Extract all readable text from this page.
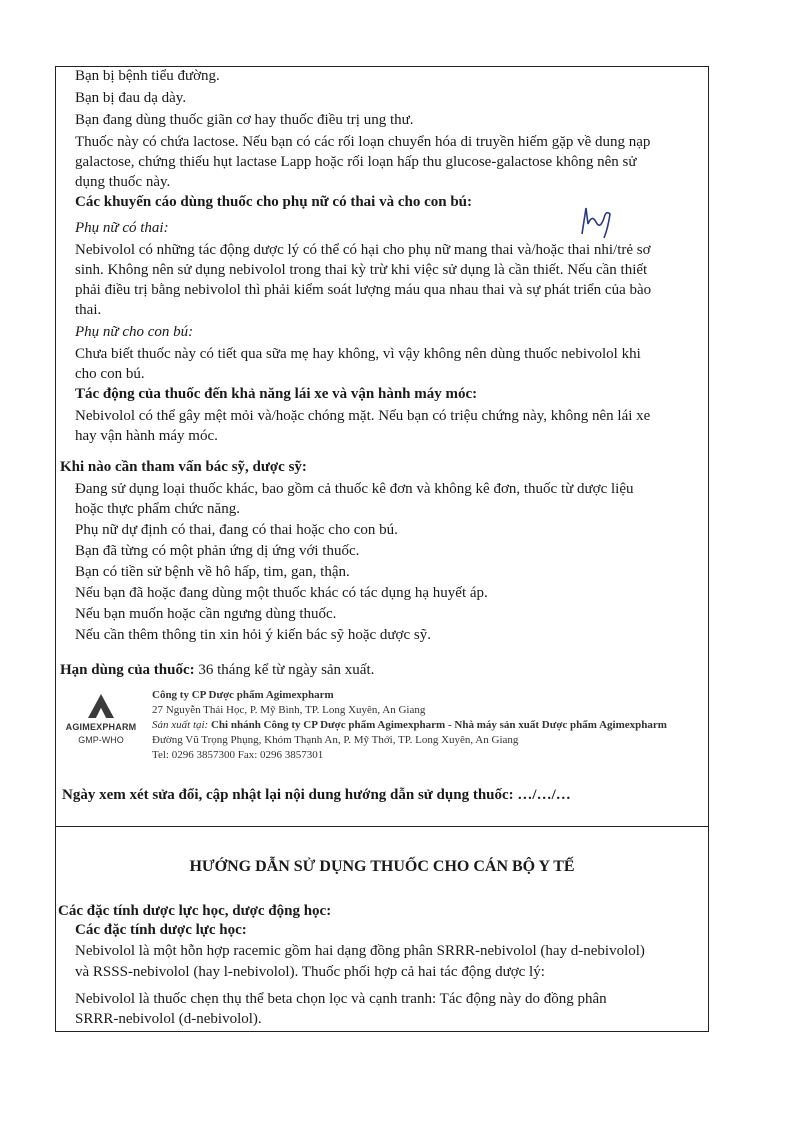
Bạn bị bệnh tiểu đường.
Bạn bị đau dạ dày.
Bạn đang dùng thuốc giãn cơ hay thuốc điều trị ung thư.
Thuốc này có chứa lactose. Nếu bạn có các rối loạn chuyển hóa di truyền hiếm gặp về dung nạp
galactose, chứng thiếu hụt lactase Lapp hoặc rối loạn hấp thu glucose-galactose không nên sử
dụng thuốc này.
Các khuyến cáo dùng thuốc cho phụ nữ có thai và cho con bú:
Phụ nữ có thai:
Nebivolol có những tác động dược lý có thể có hại cho phụ nữ mang thai và/hoặc thai nhi/trẻ sơ
sinh. Không nên sử dụng nebivolol trong thai kỳ trừ khi việc sử dụng là cần thiết. Nếu cần thiết
phải điều trị bằng nebivolol thì phải kiểm soát lượng máu qua nhau thai và sự phát triển của bào
thai.
Phụ nữ cho con bú:
Chưa biết thuốc này có tiết qua sữa mẹ hay không, vì vậy không nên dùng thuốc nebivolol khi
cho con bú.
Tác động của thuốc đến khả năng lái xe và vận hành máy móc:
Nebivolol có thể gây mệt mỏi và/hoặc chóng mặt. Nếu bạn có triệu chứng này, không nên lái xe
hay vận hành máy móc.
Khi nào cần tham vấn bác sỹ, dược sỹ:
Đang sử dụng loại thuốc khác, bao gồm cả thuốc kê đơn và không kê đơn, thuốc từ dược liệu
hoặc thực phẩm chức năng.
Phụ nữ dự định có thai, đang có thai hoặc cho con bú.
Bạn đã từng có một phản ứng dị ứng với thuốc.
Bạn có tiền sử bệnh về hô hấp, tim, gan, thận.
Nếu bạn đã hoặc đang dùng một thuốc khác có tác dụng hạ huyết áp.
Nếu bạn muốn hoặc cần ngưng dùng thuốc.
Nếu cần thêm thông tin xin hỏi ý kiến bác sỹ hoặc dược sỹ.
Hạn dùng của thuốc: 36 tháng kể từ ngày sản xuất.
AGIMEXPHARM
GMP-WHO
Công ty CP Dược phẩm Agimexpharm
27 Nguyễn Thái Học, P. Mỹ Bình, TP. Long Xuyên, An Giang
Sản xuất tại: Chi nhánh Công ty CP Dược phẩm Agimexpharm - Nhà máy sản xuất Dược phẩm Agimexpharm
Đường Vũ Trọng Phụng, Khóm Thạnh An, P. Mỹ Thới, TP. Long Xuyên, An Giang
Tel: 0296 3857300 Fax: 0296 3857301
Ngày xem xét sửa đổi, cập nhật lại nội dung hướng dẫn sử dụng thuốc: …/…/…
HƯỚNG DẪN SỬ DỤNG THUỐC CHO CÁN BỘ Y TẾ
Các đặc tính dược lực học, dược động học:
Các đặc tính dược lực học:
Nebivolol là một hỗn hợp racemic gồm hai dạng đồng phân SRRR-nebivolol (hay d-nebivolol)
và RSSS-nebivolol (hay l-nebivolol). Thuốc phối hợp cả hai tác động dược lý:
Nebivolol là thuốc chẹn thụ thể beta chọn lọc và cạnh tranh: Tác động này do đồng phân
SRRR-nebivolol (d-nebivolol).
